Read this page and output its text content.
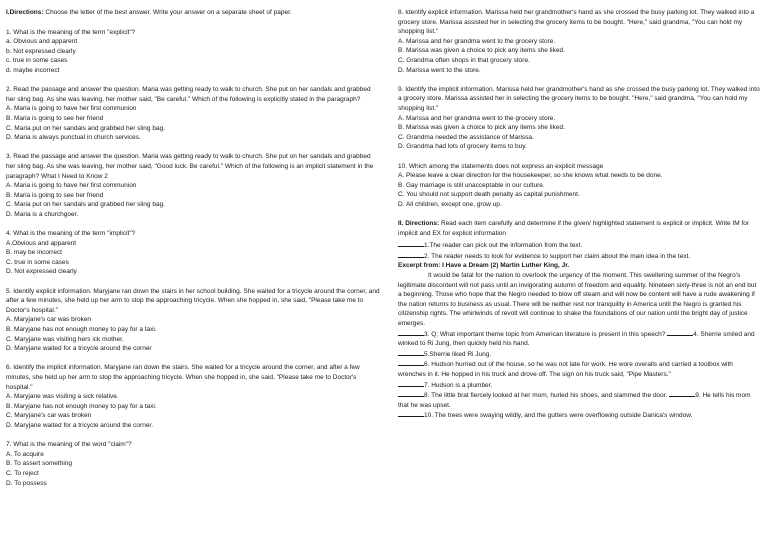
I.Directions: Choose the letter of the best answer. Write your answer on a separate sheet of paper.

1. What is the meaning of the term "explicit"?

a. Obvious and apparent

b. Not expressed clearly

c. true in some cases

d. maybe incorrect

2. Read the passage and answer the question. Maria was getting ready to walk to church. She put on her sandals and grabbed her sling bag. As she was leaving, her mother said, "Be careful." Which of the following is explicitly stated in the paragraph?

A. Maria is going to have her first communion

B. Maria is going to see her friend

C. Maria put on her sandals and grabbed her sling bag.

D. Maria is always punctual in church services.

3. Read the passage and answer the question. Maria was getting ready to walk to church. She put on her sandals and grabbed her sling bag. As she was leaving, her mother said, "Good luck. Be careful." Which of the following is an implicit statement in the paragraph? What I Need to Know 2

A. Maria is going to have her first communion

B. Maria is going to see her friend

C. Maria put on her sandals and grabbed her sling bag.

D. Maria is a churchgoer.

4. What is the meaning of the term "implicit"?

A.Obvious and apparent

B. may be incorrect

C. true in some cases

D. Not expressed clearly

5. Identify explicit information. Maryjane ran down the stairs in her school building. She waited for a tricycle around the corner, and after a few minutes, she held up her arm to stop the approaching tricycle. When she hopped in, she said, "Please take me to Doctor's hospital."

A. Maryjane's car was broken

B. Maryjane has not enough money to pay for a taxi.

C. Maryjane was visiting hers ick mother.

D. Maryjane waited for a tricycle around the corner

6. Identify the implicit information. Maryjane ran down the stairs. She waited for a tricycle around the corner, and after a few minutes, she held up her arm to stop the approaching tricycle. When she hopped in, she said, "Please take me to Doctor's hospital."

A. Maryjane was visiting a sick relative.

B. Maryjane has not enough money to pay for a taxi.

C. Maryjane's car was broken

D. Maryjane waited for a tricycle around the corner.

7. What is the meaning of the word "claim"?

A. To acquire

B. To assert something

C. To reject

D. To possess

8. Identify explicit information. Marissa held her grandmother's hand as she crossed the busy parking lot. They walked into a grocery store. Marissa assisted her in selecting the grocery items to be bought. "Here," said grandma, "You can hold my shopping list."

A. Marissa and her grandma went to the grocery store.

B. Marissa was given a choice to pick any items she liked.

C. Grandma often shops in that grocery store.

D. Marissa went to the store.

9. Identify the implicit information. Marissa held her grandmother's hand as she crossed the busy parking lot. They walked into a grocery store. Marissa assisted her in selecting the grocery items to be bought. "Here," said grandma, "You can hold my shopping list."

A. Marissa and her grandma went to the grocery store.

B. Marissa was given a choice to pick any items she liked.

C. Grandma needed the assistance of Marissa.

D. Grandma had lots of grocery items to buy.

10. Which among the statements does not express an explicit message

A. Please leave a clear direction for the housekeeper, so she knows what needs to be done.

B. Gay marriage is still unacceptable in our culture.

C. You should not support death penalty as capital punishment.

D. All children, except one, grow up.

II. Directions: Read each item carefully and determine if the given/ highlighted statement is explicit or implicit. Write IM for implicit and EX for explicit information

1.The reader can pick out the information from the text.

2. The reader needs to look for evidence to support her claim about the main idea in the text.

Excerpt from: I Have a Dream (2) Martin Luther King, Jr.

It would be fatal for the nation to overlook the urgency of the moment. This sweltering summer of the Negro's legitimate discontent will not pass until an invigorating autumn of freedom and equality. Nineteen sixty-three is not an end but a beginning. Those who hope that the Negro needed to blow off steam and will now be content will have a rude awakening if the nation returns to business as usual. There will be neither rest nor tranquility in America until the Negro is granted his citizenship rights. The whirlwinds of revolt will continue to shake the foundations of our nation until the bright day of justice emerges.

3. Q; What important theme topic from American literature is present in this speech?	4. Sherrie smiled and winked to Ri Jung, then quickly held his hand.

5.Sherrie liked Ri Jung.

6. Hudson hurried out of the house, so he was not late for work. He wore overalls and carried a toolbox with wrenches in it. He hopped in his truck and drove off. The sign on his truck said, "Pipe Masters."

7. Hudson is a plumber.

8. The little brat fiercely looked at her mom, hurled his shoes, and slammed the door.	9. He tells his mom that he was upset.

10. The trees were swaying wildly, and the gutters were overflowing outside Danica's window.
